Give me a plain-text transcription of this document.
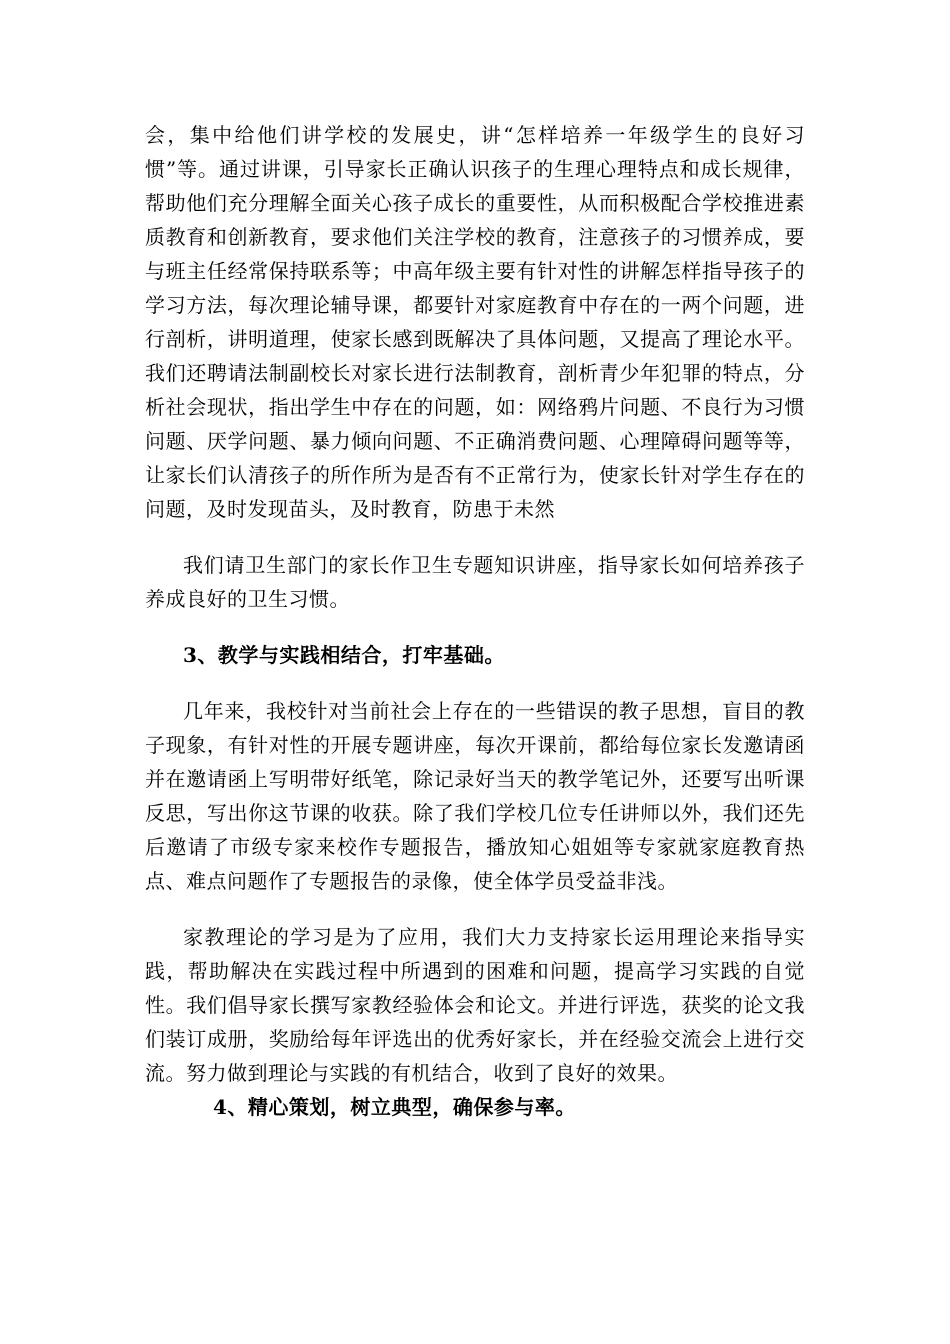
会，集中给他们讲学校的发展史，讲“怎样培养一年级学生的良好习惯”等。通过讲课，引导家长正确认识孩子的生理心理特点和成长规律，帮助他们充分理解全面关心孩子成长的重要性，从而积极配合学校推进素质教育和创新教育，要求他们关注学校的教育，注意孩子的习惯养成，要与班主任经常保持联系等；中高年级主要有针对性的讲解怎样指导孩子的学习方法，每次理论辅导课，都要针对家庭教育中存在的一两个问题，进行剖析，讲明道理，使家长感到既解决了具体问题，又提高了理论水平。我们还聘请法制副校长对家长进行法制教育，剖析青少年犯罪的特点，分析社会现状，指出学生中存在的问题，如：网络鸦片问题、不良行为习惯问题、厌学问题、暴力倾向问题、不正确消费问题、心理障碍问题等等，让家长们认清孩子的所作所为是否有不正常行为，使家长针对学生存在的问题，及时发现苗头，及时教育，防患于未然

我们请卫生部门的家长作卫生专题知识讲座，指导家长如何培养孩子养成良好的卫生习惯。

3、教学与实践相结合，打牢基础。

几年来，我校针对当前社会上存在的一些错误的教子思想，盲目的教子现象，有针对性的开展专题讲座，每次开课前，都给每位家长发邀请函并在邀请函上写明带好纸笔，除记录好当天的教学笔记外，还要写出听课反思，写出你这节课的收获。除了我们学校几位专任讲师以外，我们还先后邀请了市级专家来校作专题报告，播放知心姐姐等专家就家庭教育热点、难点问题作了专题报告的录像，使全体学员受益非浅。

家教理论的学习是为了应用，我们大力支持家长运用理论来指导实践，帮助解决在实践过程中所遇到的困难和问题，提高学习实践的自觉性。我们倡导家长撰写家教经验体会和论文。并进行评选，获奖的论文我们装订成册，奖励给每年评选出的优秀好家长，并在经验交流会上进行交流。努力做到理论与实践的有机结合，收到了良好的效果。

4、精心策划，树立典型，确保参与率。
